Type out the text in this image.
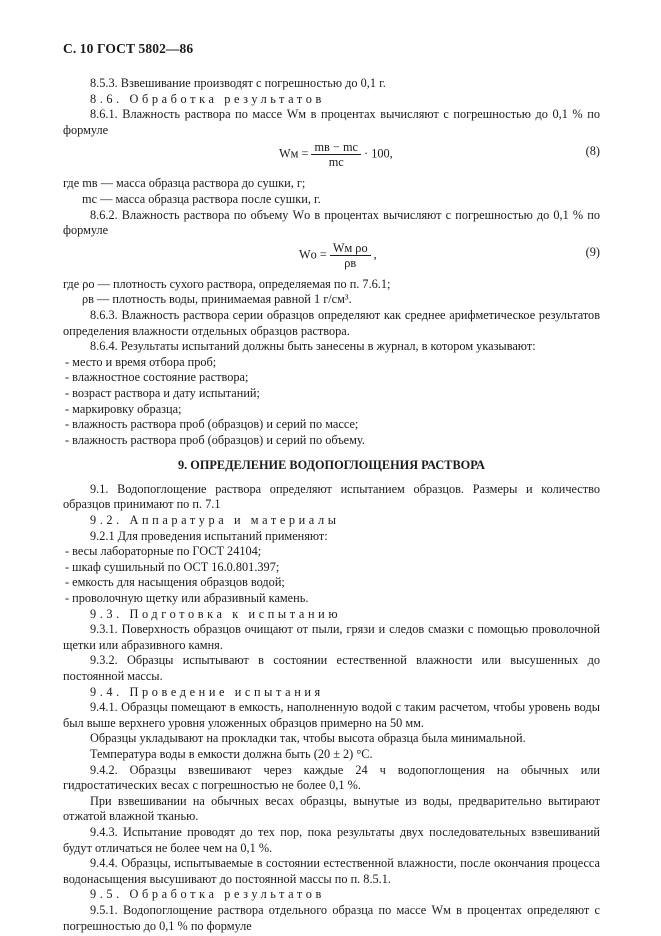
С. 10 ГОСТ 5802—86

8.5.3. Взвешивание производят с погрешностью до 0,1 г.

8.6. Обработка результатов

8.6.1. Влажность раствора по массе Wм в процентах вычисляют с погрешностью до 0,1 % по формуле

Wм = $\frac{mв - mс}{mс} \cdot 100$,	(8)

где mв — масса образца раствора до сушки, г;

mс — масса образца раствора после сушки, г.

8.6.2. Влажность раствора по объему Wо в процентах вычисляют с погрешностью до 0,1 % по формуле

Wо = $\frac{\text{Wм ρо}}{\rho в}$ ,	(9)

где ρо — плотность сухого раствора, определяемая по п. 7.6.1;

ρв — плотность воды, принимаемая равной 1 г/см³.

8.6.3. Влажность раствора серии образцов определяют как среднее арифметическое результатов определения влажности отдельных образцов раствора.

8.6.4. Результаты испытаний должны быть занесены в журнал, в котором указывают:

- место и время отбора проб;

- влажностное состояние раствора;

- возраст раствора и дату испытаний;

- маркировку образца;

- влажность раствора проб (образцов) и серий по массе;

- влажность раствора проб (образцов) и серий по объему.

9. ОПРЕДЕЛЕНИЕ ВОДОПОГЛОЩЕНИЯ РАСТВОРА

9.1. Водопоглощение раствора определяют испытанием образцов. Размеры и количество образцов принимают по п. 7.1

9.2. Аппаратура и материалы

9.2.1 Для проведения испытаний применяют:

- весы лабораторные по ГОСТ 24104;

- шкаф сушильный по ОСТ 16.0.801.397;

- емкость для насыщения образцов водой;

- проволочную щетку или абразивный камень.

9.3. Подготовка к испытанию

9.3.1. Поверхность образцов очищают от пыли, грязи и следов смазки с помощью проволочной щетки или абразивного камня.

9.3.2. Образцы испытывают в состоянии естественной влажности или высушенных до постоянной массы.

9.4. Проведение испытания

9.4.1. Образцы помещают в емкость, наполненную водой с таким расчетом, чтобы уровень воды был выше верхнего уровня уложенных образцов примерно на 50 мм.

Образцы укладывают на прокладки так, чтобы высота образца была минимальной.

Температура воды в емкости должна быть (20 ± 2) °С.

9.4.2. Образцы взвешивают через каждые 24 ч водопоглощения на обычных или гидростатических весах с погрешностью не более 0,1 %.

При взвешивании на обычных весах образцы, вынутые из воды, предварительно вытирают отжатой влажной тканью.

9.4.3. Испытание проводят до тех пор, пока результаты двух последовательных взвешиваний будут отличаться не более чем на 0,1 %.

9.4.4. Образцы, испытываемые в состоянии естественной влажности, после окончания процесса водонасыщения высушивают до постоянной массы по п. 8.5.1.

9.5. Обработка результатов

9.5.1. Водопоглощение раствора отдельного образца по массе Wм в процентах определяют с погрешностью до 0,1 % по формуле
